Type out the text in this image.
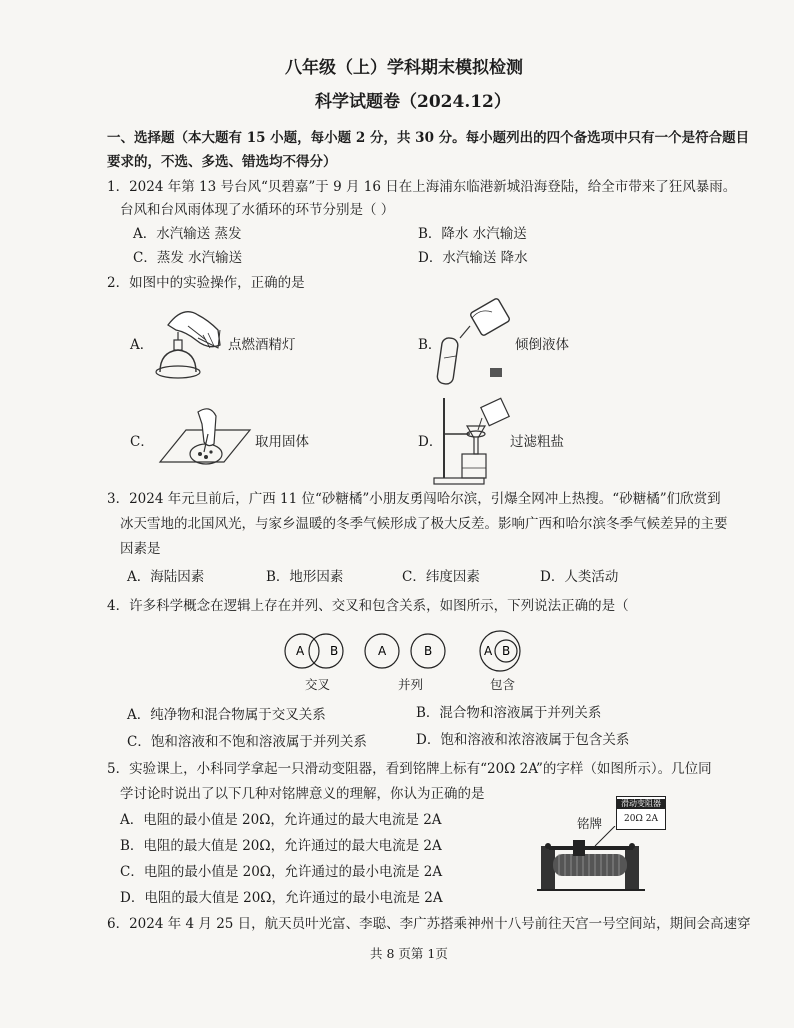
八年级（上）学科期末模拟检测
科学试题卷（2024.12）
一、选择题（本大题有 15 小题，每小题 2 分，共 30 分。每小题列出的四个备选项中只有一个是符合题目
要求的，不选、多选、错选均不得分）
1．2024 年第 13 号台风“贝碧嘉”于 9 月 16 日在上海浦东临港新城沿海登陆，给全市带来了狂风暴雨。
台风和台风雨体现了水循环的环节分别是（ ）
A．水汽输送 蒸发	B．降水 水汽输送
C．蒸发 水汽输送	D．水汽输送 降水
2．如图中的实验操作，正确的是
A．	点燃酒精灯	B．	倾倒液体
C．	取用固体	D．	过滤粗盐
3．2024 年元旦前后，广西 11 位“砂糖橘”小朋友勇闯哈尔滨，引爆全网冲上热搜。“砂糖橘”们欣赏到
冰天雪地的北国风光，与家乡温暖的冬季气候形成了极大反差。影响广西和哈尔滨冬季气候差异的主要
因素是
A．海陆因素	B．地形因素	C．纬度因素	D．人类活动
4．许多科学概念在逻辑上存在并列、交叉和包含关系，如图所示，下列说法正确的是（
A B	A	B	A B
交叉	并列	包含
A．纯净物和混合物属于交叉关系	B．混合物和溶液属于并列关系
C．饱和溶液和不饱和溶液属于并列关系	D．饱和溶液和浓溶液属于包含关系
5．实验课上，小科同学拿起一只滑动变阻器，看到铭牌上标有“20Ω 2A”的字样（如图所示）。几位同
学讨论时说出了以下几种对铭牌意义的理解，你认为正确的是
A．电阻的最小值是 20Ω，允许通过的最大电流是 2A
B．电阻的最大值是 20Ω，允许通过的最大电流是 2A
C．电阻的最小值是 20Ω，允许通过的最小电流是 2A
D．电阻的最大值是 20Ω，允许通过的最小电流是 2A
铭牌
滑动变阻器
20Ω 2A
6．2024 年 4 月 25 日，航天员叶光富、李聪、李广苏搭乘神州十八号前往天宫一号空间站，期间会高速穿
共 8 页第 1页
